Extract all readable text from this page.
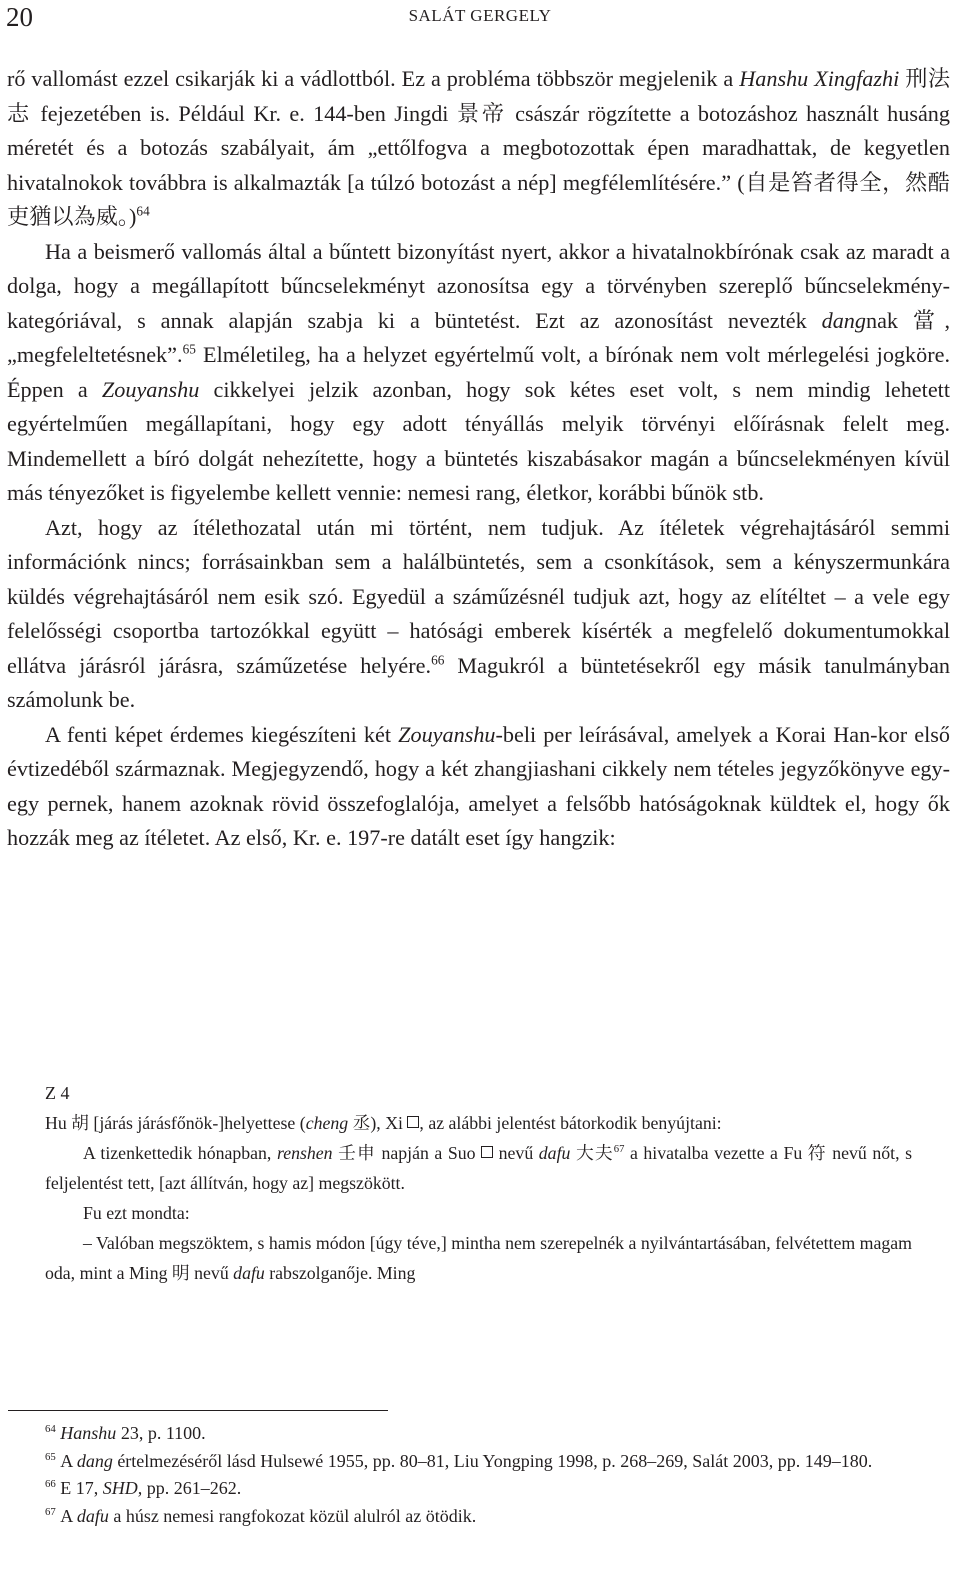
20	SALÁT GERGELY

rő vallomást ezzel csikarják ki a vádlottból. Ez a probléma többször megjelenik a Hanshu Xingfazhi 刑法志 fejezetében is. Például Kr. e. 144-ben Jingdi 景帝 császár rögzítette a botozáshoz használt husáng méretét és a botozás szabályait, ám „ettőlfogva a megbotozottak épen maradhattak, de kegyetlen hivatalnokok továbbra is alkalmazták [a túlzó botozást a nép] megfélemlítésére.” (自是笞者得全，然酷吏猶以為威。)$^{64}$

Ha a beismerő vallomás által a bűntett bizonyítást nyert, akkor a hivatalnokbírónak csak az maradt a dolga, hogy a megállapított bűncselekményt azonosítsa egy a törvényben szereplő bűncselekmény-kategóriával, s annak alapján szabja ki a büntetést. Ezt az azonosítást nevezték dangnak 當, „megfeleltetésnek”.$^{65}$ Elméletileg, ha a helyzet egyértelmű volt, a bírónak nem volt mérlegelési jogköre. Éppen a Zouyanshu cikkelyei jelzik azonban, hogy sok kétes eset volt, s nem mindig lehetett egyértelműen megállapítani, hogy egy adott tényállás melyik törvényi előírásnak felelt meg. Mindemellett a bíró dolgát nehezítette, hogy a büntetés kiszabásakor magán a bűncselekményen kívül más tényezőket is figyelembe kellett vennie: nemesi rang, életkor, korábbi bűnök stb.

Azt, hogy az ítélethozatal után mi történt, nem tudjuk. Az ítéletek végrehajtásáról semmi információnk nincs; forrásainkban sem a halálbüntetés, sem a csonkítások, sem a kényszermunkára küldés végrehajtásáról nem esik szó. Egyedül a száműzésnél tudjuk azt, hogy az elítéltet – a vele egy felelősségi csoportba tartozókkal együtt – hatósági emberek kísérték a megfelelő dokumentumokkal ellátva járásról járásra, száműzetése helyére.$^{66}$ Magukról a büntetésekről egy másik tanulmányban számolunk be.

A fenti képet érdemes kiegészíteni két Zouyanshu-beli per leírásával, amelyek a Korai Han-kor első évtizedéből származnak. Megjegyzendő, hogy a két zhangjiashani cikkely nem tételes jegyzőkönyve egy-egy pernek, hanem azoknak rövid összefoglalója, amelyet a felsőbb hatóságoknak küldtek el, hogy ők hozzák meg az ítéletet. Az első, Kr. e. 197-re datált eset így hangzik:

Z 4

Hu 胡 [járás járásfőnök-]helyettese (cheng 丞), Xi , az alábbi jelentést bátorkodik benyújtani:

A tizenkettedik hónapban, renshen 壬申 napján a Suo  nevű dafu 大夫$^{67}$ a hivatalba vezette a Fu 符 nevű nőt, s feljelentést tett, [azt állítván, hogy az] megszökött.

Fu ezt mondta:

– Valóban megszöktem, s hamis módon [úgy téve,] mintha nem szerepelnék a nyilvántartásában, felvétettem magam oda, mint a Ming 明 nevű dafu rabszolganője. Ming

$^{64}$ Hanshu 23, p. 1100.

$^{65}$ A dang értelmezéséről lásd Hulsewé 1955, pp. 80–81, Liu Yongping 1998, p. 268–269, Salát 2003, pp. 149–180.

$^{66}$ E 17, SHD, pp. 261–262.

$^{67}$ A dafu a húsz nemesi rangfokozat közül alulról az ötödik.
